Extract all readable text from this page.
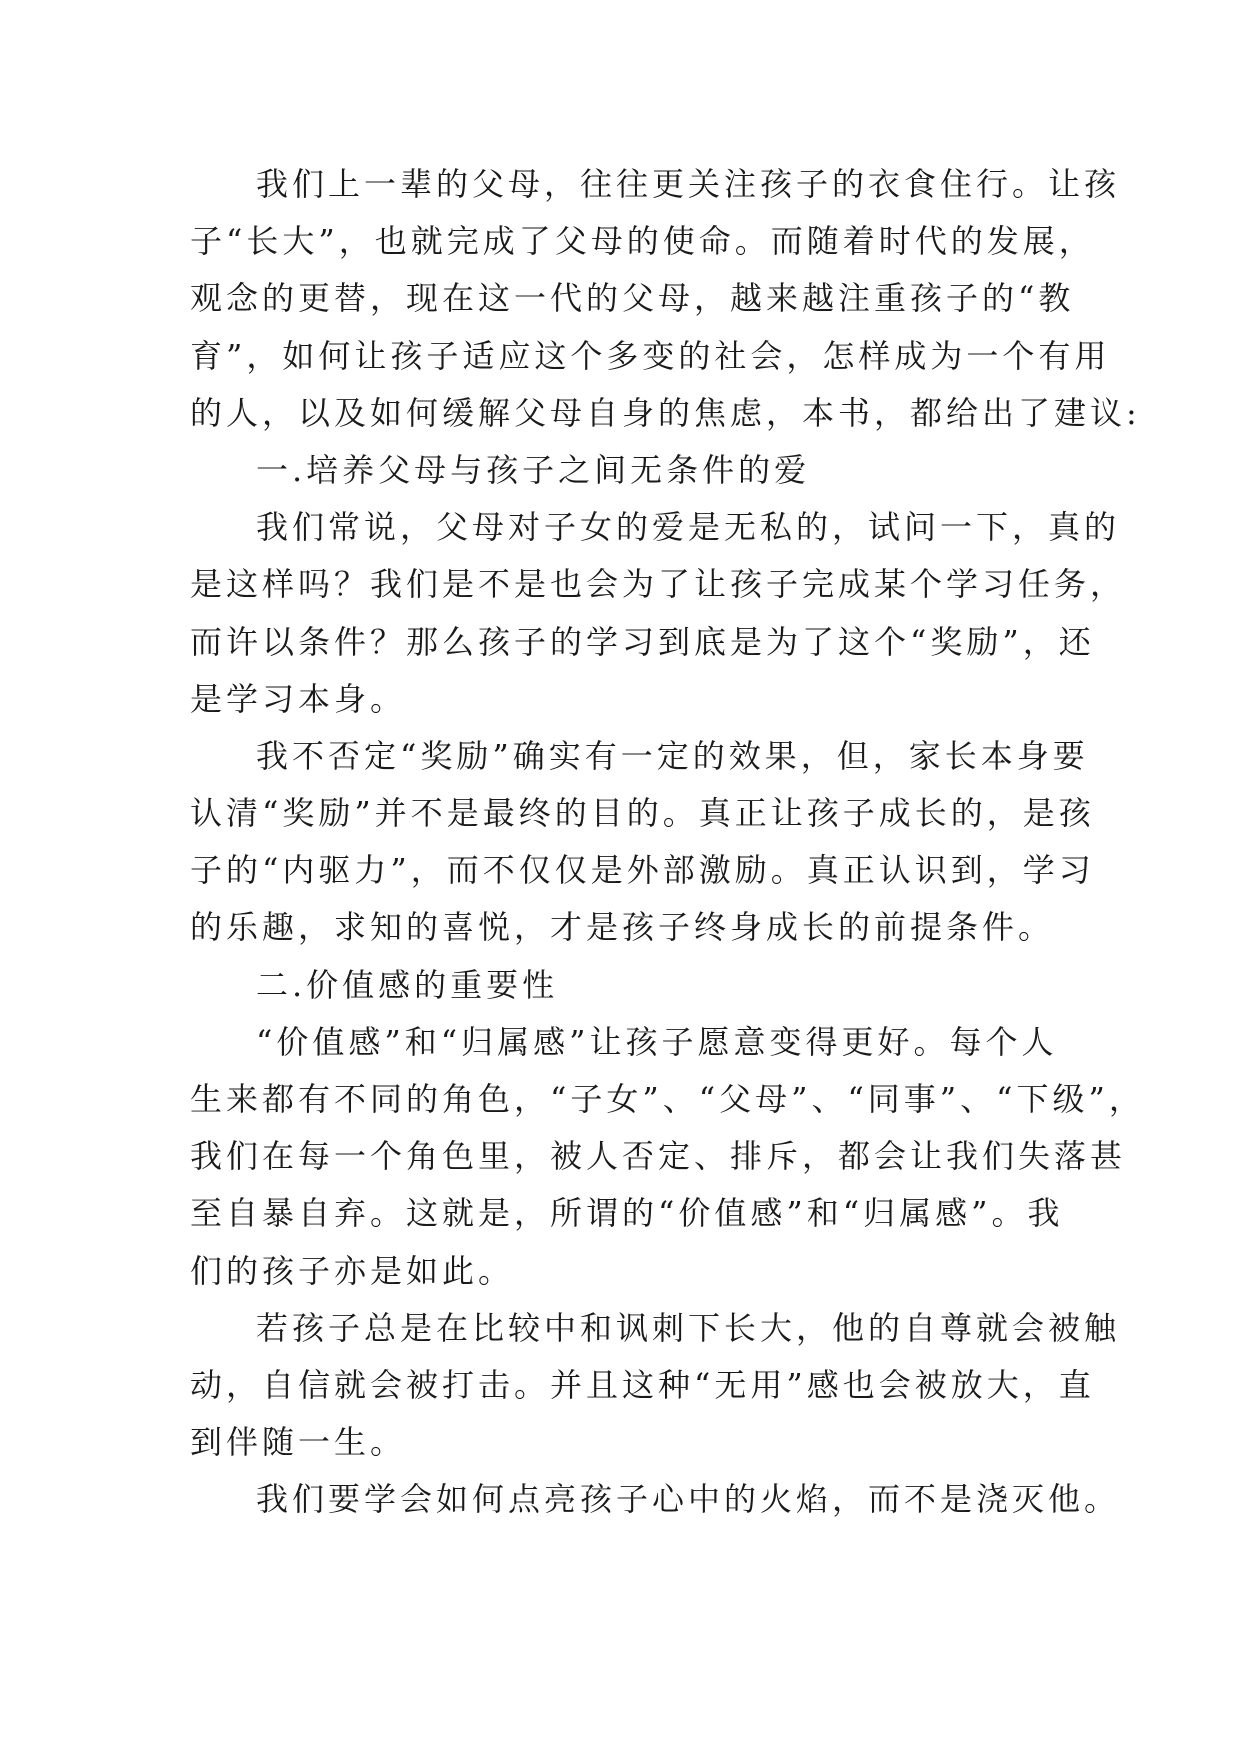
我们上一辈的父母，往往更关注孩子的衣食住行。让孩
子“长大”，也就完成了父母的使命。而随着时代的发展，
观念的更替，现在这一代的父母，越来越注重孩子的“教
育”，如何让孩子适应这个多变的社会，怎样成为一个有用
的人，以及如何缓解父母自身的焦虑，本书，都给出了建议:
一.培养父母与孩子之间无条件的爱
我们常说，父母对子女的爱是无私的，试问一下，真的
是这样吗？我们是不是也会为了让孩子完成某个学习任务，
而许以条件？那么孩子的学习到底是为了这个“奖励”，还
是学习本身。
我不否定“奖励”确实有一定的效果，但，家长本身要
认清“奖励”并不是最终的目的。真正让孩子成长的，是孩
子的“内驱力”，而不仅仅是外部激励。真正认识到，学习
的乐趣，求知的喜悦，才是孩子终身成长的前提条件。
二.价值感的重要性
“价值感”和“归属感”让孩子愿意变得更好。每个人
生来都有不同的角色，“子女”、“父母”、“同事”、“下级”，
我们在每一个角色里，被人否定、排斥，都会让我们失落甚
至自暴自弃。这就是，所谓的“价值感”和“归属感”。我
们的孩子亦是如此。
若孩子总是在比较中和讽刺下长大，他的自尊就会被触
动，自信就会被打击。并且这种“无用”感也会被放大，直
到伴随一生。
我们要学会如何点亮孩子心中的火焰，而不是浇灭他。
